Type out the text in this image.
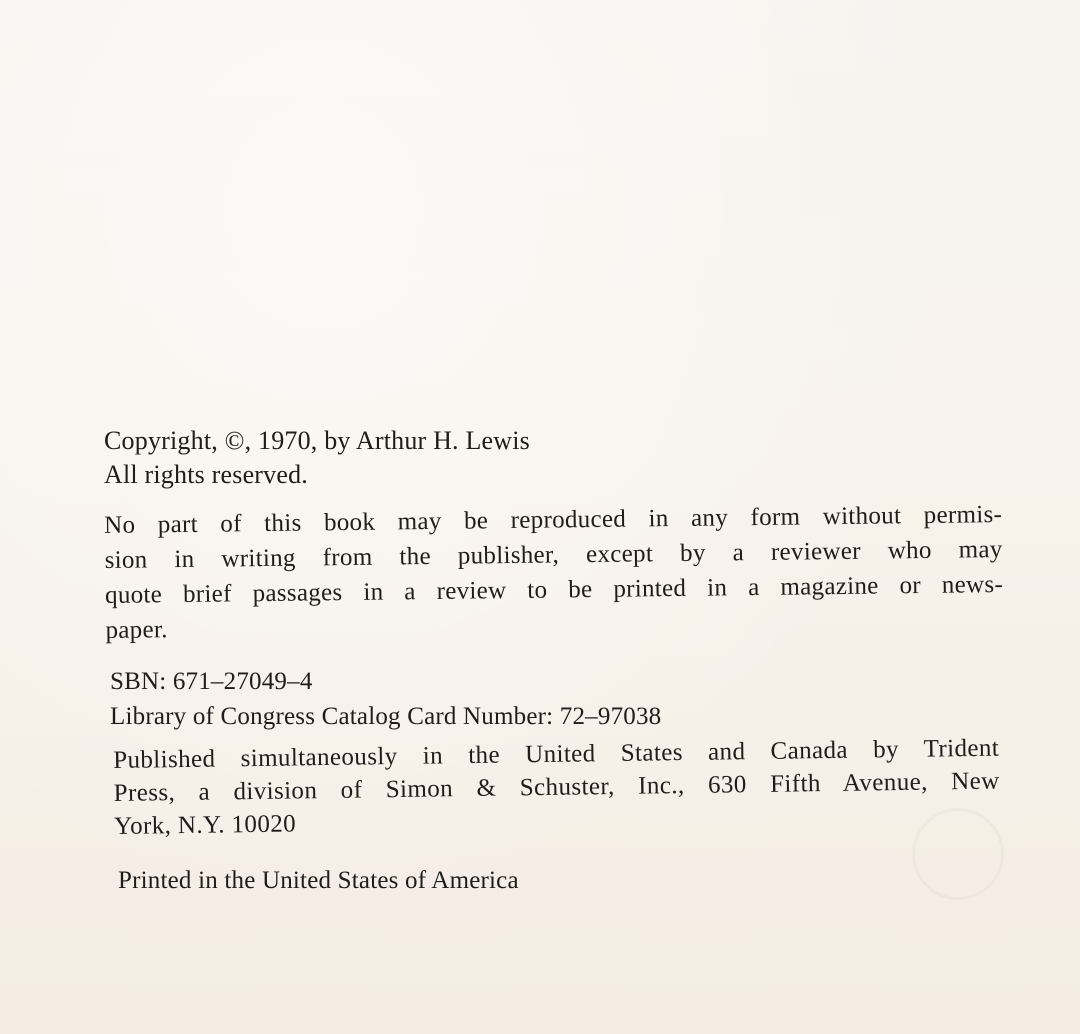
Copyright, ©, 1970, by Arthur H. Lewis
All rights reserved.
No part of this book may be reproduced in any form without permis-
sion in writing from the publisher, except by a reviewer who may
quote brief passages in a review to be printed in a magazine or news-
paper.
SBN: 671–27049–4
Library of Congress Catalog Card Number: 72–97038
Published simultaneously in the United States and Canada by Trident
Press, a division of Simon & Schuster, Inc., 630 Fifth Avenue, New
York, N.Y. 10020
Printed in the United States of America
